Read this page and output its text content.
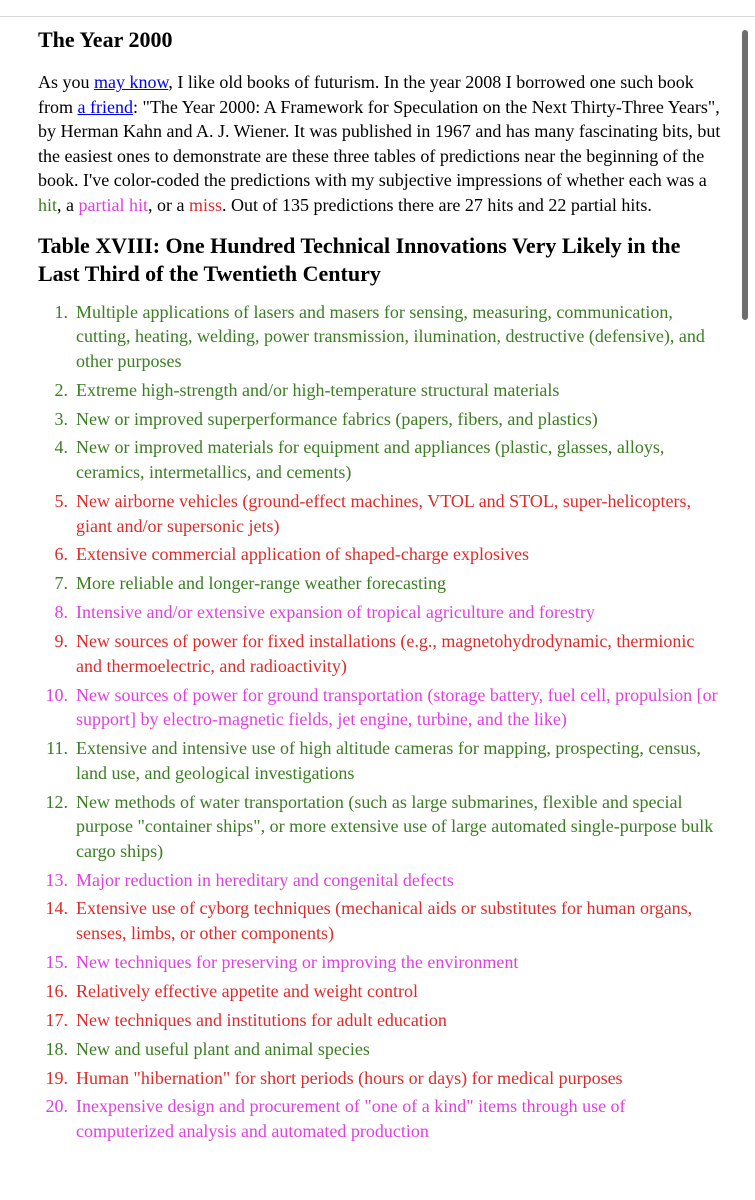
The Year 2000

As you may know, I like old books of futurism. In the year 2008 I borrowed one such book from a friend: "The Year 2000: A Framework for Speculation on the Next Thirty-Three Years", by Herman Kahn and A. J. Wiener. It was published in 1967 and has many fascinating bits, but the easiest ones to demonstrate are these three tables of predictions near the beginning of the book. I've color-coded the predictions with my subjective impressions of whether each was a hit, a partial hit, or a miss. Out of 135 predictions there are 27 hits and 22 partial hits.

Table XVIII: One Hundred Technical Innovations Very Likely in the Last Third of the Twentieth Century
1. Multiple applications of lasers and masers for sensing, measuring, communication, cutting, heating, welding, power transmission, ilumination, destructive (defensive), and other purposes
2. Extreme high-strength and/or high-temperature structural materials
3. New or improved superperformance fabrics (papers, fibers, and plastics)
4. New or improved materials for equipment and appliances (plastic, glasses, alloys, ceramics, intermetallics, and cements)
5. New airborne vehicles (ground-effect machines, VTOL and STOL, super-helicopters, giant and/or supersonic jets)
6. Extensive commercial application of shaped-charge explosives
7. More reliable and longer-range weather forecasting
8. Intensive and/or extensive expansion of tropical agriculture and forestry
9. New sources of power for fixed installations (e.g., magnetohydrodynamic, thermionic and thermoelectric, and radioactivity)
10. New sources of power for ground transportation (storage battery, fuel cell, propulsion [or support] by electro-magnetic fields, jet engine, turbine, and the like)
11. Extensive and intensive use of high altitude cameras for mapping, prospecting, census, land use, and geological investigations
12. New methods of water transportation (such as large submarines, flexible and special purpose "container ships", or more extensive use of large automated single-purpose bulk cargo ships)
13. Major reduction in hereditary and congenital defects
14. Extensive use of cyborg techniques (mechanical aids or substitutes for human organs, senses, limbs, or other components)
15. New techniques for preserving or improving the environment
16. Relatively effective appetite and weight control
17. New techniques and institutions for adult education
18. New and useful plant and animal species
19. Human "hibernation" for short periods (hours or days) for medical purposes
20. Inexpensive design and procurement of "one of a kind" items through use of computerized analysis and automated production
